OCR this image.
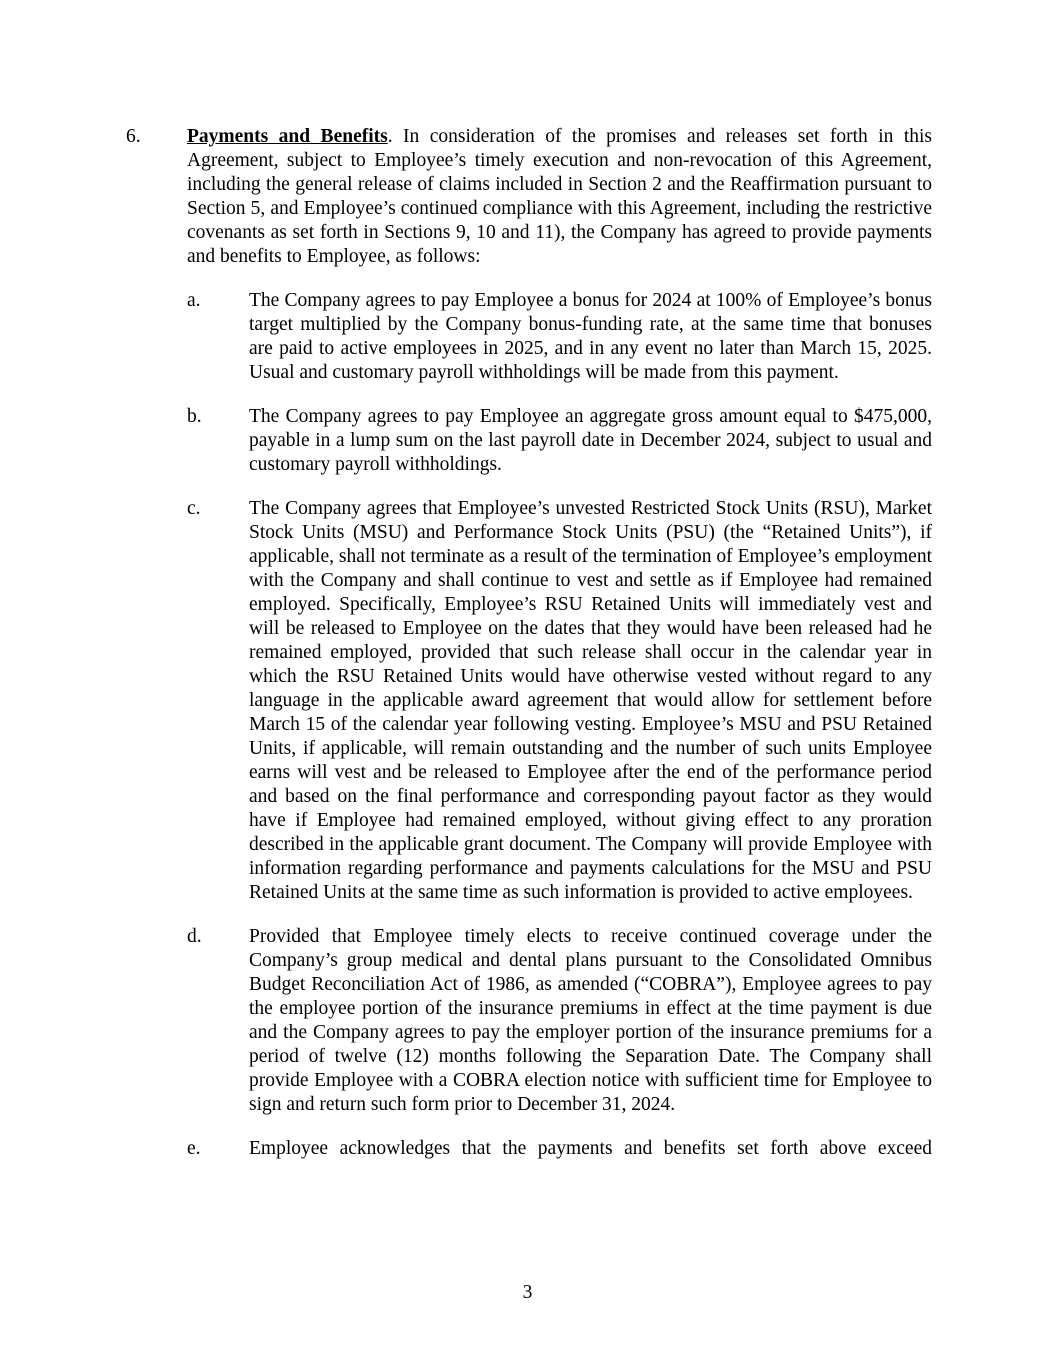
6. Payments and Benefits. In consideration of the promises and releases set forth in this Agreement, subject to Employee’s timely execution and non-revocation of this Agreement, including the general release of claims included in Section 2 and the Reaffirmation pursuant to Section 5, and Employee’s continued compliance with this Agreement, including the restrictive covenants as set forth in Sections 9, 10 and 11), the Company has agreed to provide payments and benefits to Employee, as follows:
a. The Company agrees to pay Employee a bonus for 2024 at 100% of Employee’s bonus target multiplied by the Company bonus-funding rate, at the same time that bonuses are paid to active employees in 2025, and in any event no later than March 15, 2025. Usual and customary payroll withholdings will be made from this payment.
b. The Company agrees to pay Employee an aggregate gross amount equal to $475,000, payable in a lump sum on the last payroll date in December 2024, subject to usual and customary payroll withholdings.
c. The Company agrees that Employee’s unvested Restricted Stock Units (RSU), Market Stock Units (MSU) and Performance Stock Units (PSU) (the “Retained Units”), if applicable, shall not terminate as a result of the termination of Employee’s employment with the Company and shall continue to vest and settle as if Employee had remained employed. Specifically, Employee’s RSU Retained Units will immediately vest and will be released to Employee on the dates that they would have been released had he remained employed, provided that such release shall occur in the calendar year in which the RSU Retained Units would have otherwise vested without regard to any language in the applicable award agreement that would allow for settlement before March 15 of the calendar year following vesting. Employee’s MSU and PSU Retained Units, if applicable, will remain outstanding and the number of such units Employee earns will vest and be released to Employee after the end of the performance period and based on the final performance and corresponding payout factor as they would have if Employee had remained employed, without giving effect to any proration described in the applicable grant document. The Company will provide Employee with information regarding performance and payments calculations for the MSU and PSU Retained Units at the same time as such information is provided to active employees.
d. Provided that Employee timely elects to receive continued coverage under the Company’s group medical and dental plans pursuant to the Consolidated Omnibus Budget Reconciliation Act of 1986, as amended (“COBRA”), Employee agrees to pay the employee portion of the insurance premiums in effect at the time payment is due and the Company agrees to pay the employer portion of the insurance premiums for a period of twelve (12) months following the Separation Date. The Company shall provide Employee with a COBRA election notice with sufficient time for Employee to sign and return such form prior to December 31, 2024.
e. Employee acknowledges that the payments and benefits set forth above exceed
3
